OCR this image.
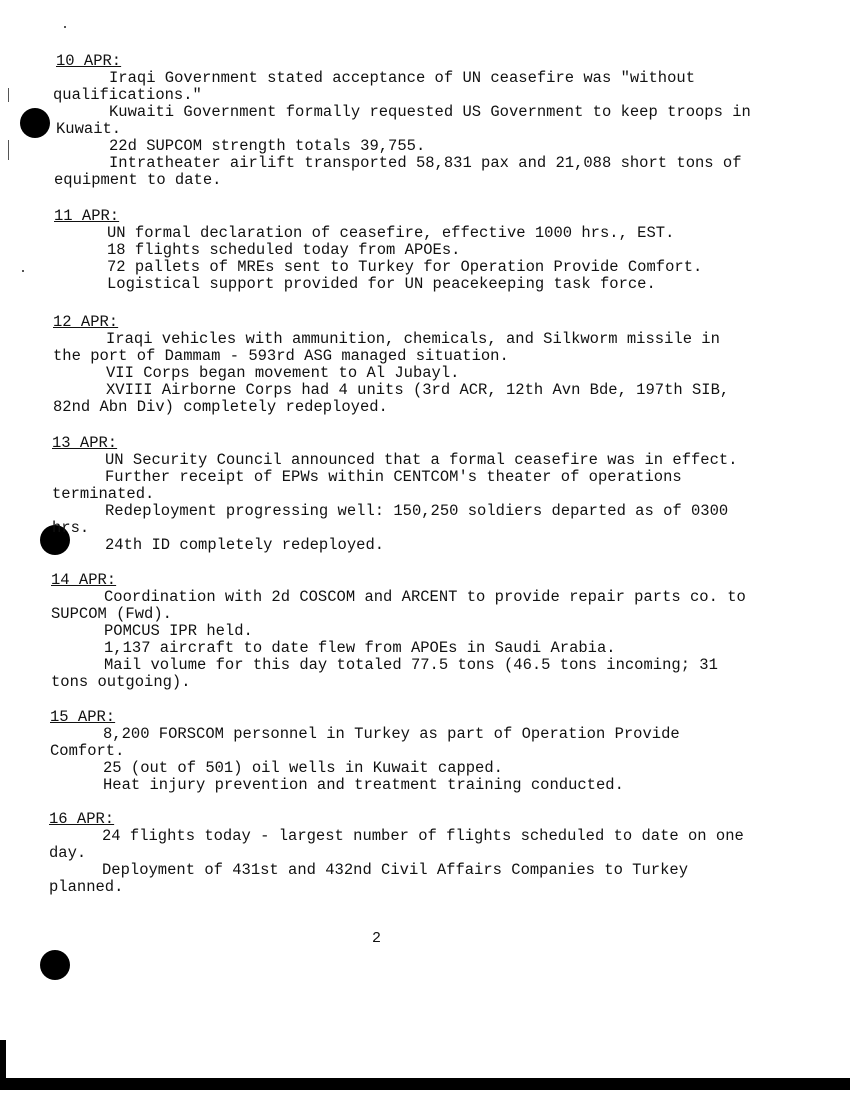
10 APR:
Iraqi Government stated acceptance of UN ceasefire was "without
qualifications."
Kuwaiti Government formally requested US Government to keep troops in
Kuwait.
22d SUPCOM strength totals 39,755.
Intratheater airlift transported 58,831 pax and 21,088 short tons of
equipment to date.
11 APR:
UN formal declaration of ceasefire, effective 1000 hrs., EST.
18 flights scheduled today from APOEs.
72 pallets of MREs sent to Turkey for Operation Provide Comfort.
Logistical support provided for UN peacekeeping task force.
12 APR:
Iraqi vehicles with ammunition, chemicals, and Silkworm missile in
the port of Dammam - 593rd ASG managed situation.
VII Corps began movement to Al Jubayl.
XVIII Airborne Corps had 4 units (3rd ACR, 12th Avn Bde, 197th SIB,
82nd Abn Div) completely redeployed.
13 APR:
UN Security Council announced that a formal ceasefire was in effect.
Further receipt of EPWs within CENTCOM's theater of operations
terminated.
Redeployment progressing well: 150,250 soldiers departed as of 0300
hrs.
24th ID completely redeployed.
14 APR:
Coordination with 2d COSCOM and ARCENT to provide repair parts co. to
SUPCOM (Fwd).
POMCUS IPR held.
1,137 aircraft to date flew from APOEs in Saudi Arabia.
Mail volume for this day totaled 77.5 tons (46.5 tons incoming; 31
tons outgoing).
15 APR:
8,200 FORSCOM personnel in Turkey as part of Operation Provide
Comfort.
25 (out of 501) oil wells in Kuwait capped.
Heat injury prevention and treatment training conducted.
16 APR:
24 flights today - largest number of flights scheduled to date on one
day.
Deployment of 431st and 432nd Civil Affairs Companies to Turkey
planned.
2
